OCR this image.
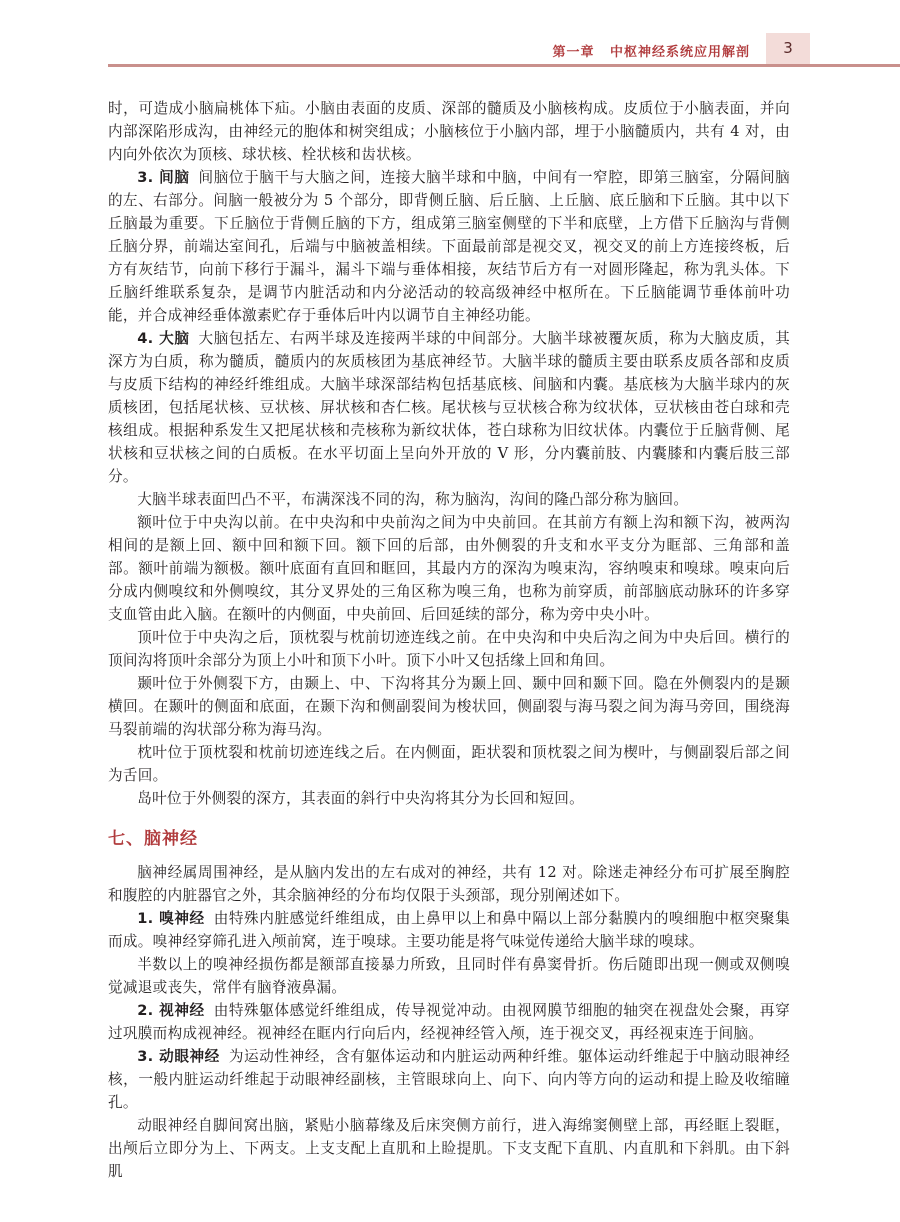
第一章 中枢神经系统应用解剖	3

时，可造成小脑扁桃体下疝。小脑由表面的皮质、深部的髓质及小脑核构成。皮质位于小脑表面，并向内部深陷形成沟，由神经元的胞体和树突组成；小脑核位于小脑内部，埋于小脑髓质内，共有 4 对，由内向外依次为顶核、球状核、栓状核和齿状核。

3. 间脑 间脑位于脑干与大脑之间，连接大脑半球和中脑，中间有一窄腔，即第三脑室，分隔间脑的左、右部分。间脑一般被分为 5 个部分，即背侧丘脑、后丘脑、上丘脑、底丘脑和下丘脑。其中以下丘脑最为重要。下丘脑位于背侧丘脑的下方，组成第三脑室侧壁的下半和底壁，上方借下丘脑沟与背侧丘脑分界，前端达室间孔，后端与中脑被盖相续。下面最前部是视交叉，视交叉的前上方连接终板，后方有灰结节，向前下移行于漏斗，漏斗下端与垂体相接，灰结节后方有一对圆形隆起，称为乳头体。下丘脑纤维联系复杂，是调节内脏活动和内分泌活动的较高级神经中枢所在。下丘脑能调节垂体前叶功能，并合成神经垂体激素贮存于垂体后叶内以调节自主神经功能。

4. 大脑 大脑包括左、右两半球及连接两半球的中间部分。大脑半球被覆灰质，称为大脑皮质，其深方为白质，称为髓质，髓质内的灰质核团为基底神经节。大脑半球的髓质主要由联系皮质各部和皮质与皮质下结构的神经纤维组成。大脑半球深部结构包括基底核、间脑和内囊。基底核为大脑半球内的灰质核团，包括尾状核、豆状核、屏状核和杏仁核。尾状核与豆状核合称为纹状体，豆状核由苍白球和壳核组成。根据种系发生又把尾状核和壳核称为新纹状体，苍白球称为旧纹状体。内囊位于丘脑背侧、尾状核和豆状核之间的白质板。在水平切面上呈向外开放的 V 形，分内囊前肢、内囊膝和内囊后肢三部分。

大脑半球表面凹凸不平，布满深浅不同的沟，称为脑沟，沟间的隆凸部分称为脑回。

额叶位于中央沟以前。在中央沟和中央前沟之间为中央前回。在其前方有额上沟和额下沟，被两沟相间的是额上回、额中回和额下回。额下回的后部，由外侧裂的升支和水平支分为眶部、三角部和盖部。额叶前端为额极。额叶底面有直回和眶回，其最内方的深沟为嗅束沟，容纳嗅束和嗅球。嗅束向后分成内侧嗅纹和外侧嗅纹，其分叉界处的三角区称为嗅三角，也称为前穿质，前部脑底动脉环的许多穿支血管由此入脑。在额叶的内侧面，中央前回、后回延续的部分，称为旁中央小叶。

顶叶位于中央沟之后，顶枕裂与枕前切迹连线之前。在中央沟和中央后沟之间为中央后回。横行的顶间沟将顶叶余部分为顶上小叶和顶下小叶。顶下小叶又包括缘上回和角回。

颞叶位于外侧裂下方，由颞上、中、下沟将其分为颞上回、颞中回和颞下回。隐在外侧裂内的是颞横回。在颞叶的侧面和底面，在颞下沟和侧副裂间为梭状回，侧副裂与海马裂之间为海马旁回，围绕海马裂前端的沟状部分称为海马沟。

枕叶位于顶枕裂和枕前切迹连线之后。在内侧面，距状裂和顶枕裂之间为楔叶，与侧副裂后部之间为舌回。

岛叶位于外侧裂的深方，其表面的斜行中央沟将其分为长回和短回。

七、脑神经

脑神经属周围神经，是从脑内发出的左右成对的神经，共有 12 对。除迷走神经分布可扩展至胸腔和腹腔的内脏器官之外，其余脑神经的分布均仅限于头颈部，现分别阐述如下。

1. 嗅神经 由特殊内脏感觉纤维组成，由上鼻甲以上和鼻中隔以上部分黏膜内的嗅细胞中枢突聚集而成。嗅神经穿筛孔进入颅前窝，连于嗅球。主要功能是将气味觉传递给大脑半球的嗅球。

半数以上的嗅神经损伤都是额部直接暴力所致，且同时伴有鼻窦骨折。伤后随即出现一侧或双侧嗅觉减退或丧失，常伴有脑脊液鼻漏。

2. 视神经 由特殊躯体感觉纤维组成，传导视觉冲动。由视网膜节细胞的轴突在视盘处会聚，再穿过巩膜而构成视神经。视神经在眶内行向后内，经视神经管入颅，连于视交叉，再经视束连于间脑。

3. 动眼神经 为运动性神经，含有躯体运动和内脏运动两种纤维。躯体运动纤维起于中脑动眼神经核，一般内脏运动纤维起于动眼神经副核，主管眼球向上、向下、向内等方向的运动和提上睑及收缩瞳孔。

动眼神经自脚间窝出脑，紧贴小脑幕缘及后床突侧方前行，进入海绵窦侧壁上部，再经眶上裂眶，出颅后立即分为上、下两支。上支支配上直肌和上睑提肌。下支支配下直肌、内直肌和下斜肌。由下斜肌
